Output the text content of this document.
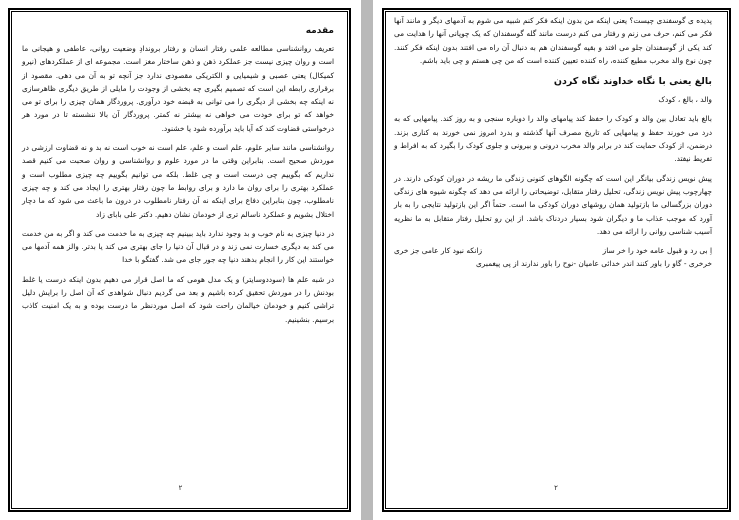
مقدمه

تعریف روانشناسی مطالعه علمی رفتار انسان و رفتار بروندادِ وضعیت روانی، عاطفی و هیجانی ما است و روان چیزی نیست جز عملکرد ذهن و ذهن ساختار مغز است. مجموعه ای از عملکردهای (نیرو کمیکال) یعنی عصبی و شیمیایی و الکتریکی مقصودی ندارد جز آنچه تو به آن می دهی. مقصود از برقراری رابطه این است که تصمیم بگیری چه بخشی از وجودت را مایلی از طریق دیگری ظاهرسازی نه اینکه چه بخشی از دیگری را می توانی به قبضه خود درآوری. پروردگار همان چیزی را برای تو می خواهد که تو برای خودت می خواهی نه بیشتر نه کمتر. پروردگار آن بالا ننشسته تا در مورد هر درخواستی قضاوت کند که آیا باید برآورده شود یا خشنود.

روانشناسی مانند سایر علوم، علم است و علم، علم است نه خوب است نه بد و نه قضاوت ارزشی در موردش صحیح است. بنابراین وقتی ما در مورد علوم و روانشناسی و روان صحبت می کنیم قصد نداریم که بگوییم چی درست است و چی غلط. بلکه می توانیم بگوییم چه چیزی مطلوب است و عملکرد بهتری را برای روان ما دارد و برای روابط ما چون رفتار بهتری را ایجاد می کند و چه چیزی نامطلوب، چون بنابراین دفاع برای اینکه نه آن رفتار نامطلوب در درون ما باعث می شود که ما دچار اختلال بشویم و عملکرد ناسالم تری از خودمان نشان دهیم. دکتر علی بابای زاد

در دنیا چیزی به نام خوب و بد وجود ندارد باید ببینیم چه چیزی به ما خدمت می کند و اگر به من خدمت می کند به دیگری خسارت نمی زند و در قبال آن دنیا را جای بهتری می کند یا بدتر. والز همه آدمها می خواستند این کار را انجام بدهند دنیا چه جور جای می شد. گفتگو با خدا

در شبه علم ها (سوددوسایتر) و یک مدل هومی که ما اصل قرار می دهیم بدون اینکه درست یا غلط بودنش را در موردش تحقیق کرده باشیم و بعد می گردیم دنبال شواهدی که آن اصل را برایش دلیل تراشی کنیم و خودمان خیالمان راحت شود که اصل موردنظر ما درست بوده و به یک امنیت کاذب برسیم. بنشینیم.

۲

پدیده ی گوسفندی چیست؟ یعنی اینکه من بدون اینکه فکر کنم شبیه می شوم به آدمهای دیگر و مانند آنها فکر می کنم، حرف می زنم و رفتار می کنم درست مانند گله گوسفندان که یک چوپانی آنها را هدایت می کند یکی از گوسفندان جلو می افتد و بقیه گوسفندان هم به دنبال آن راه می افتند بدون اینکه فکر کنند. چون نوع والد مخرب مطیع کننده، راه کننده تعیین کننده است که من چی هستم و چی باید باشم.

بالغ یعنی با نگاه خداوند نگاه کردن

والد ، بالغ ، کودک

بالغ باید تعادل بین والد و کودک را حفظ کند پیامهای والد را دوباره سنجی و به روز کند. پیامهایی که به درد می خورند حفظ و پیامهایی که تاریخ مصرف آنها گذشته و بدرد امروز نمی خورند به کناری بزند. درضمن، از کودک حمایت کند در برابر والد مخرب درونی و بیرونی و جلوی کودک را بگیرد که به افراط و تفریط نیفتد.

پیش نویس زندگی بیانگر این است که چگونه الگوهای کنونی زندگی ما ریشه در دوران کودکی دارند. در چهارچوب پیش نویس زندگی، تحلیل رفتار متقابل، توضیحاتی را ارائه می دهد که چگونه شیوه های زندگی دوران بزرگسالی ما بازتولید همان روشهای دوران کودکی ما است. حتماً اگر این بازتولید نتایجی را به بار آورد که موجب عذاب ما و دیگران شود بسیار دردناک باشد. از این رو تحلیل رفتار متقابل به ما نظریه آسیب شناسی روانی را ارائه می دهد.

اِ بی رد و قبول عامه خود را خر ساز
زانکه نبود کار عامی جز خری
خرخری - گاو را باور کنند اندر خدائی عامیان -نوح را باور ندارند از پی پیغمبری
۲
